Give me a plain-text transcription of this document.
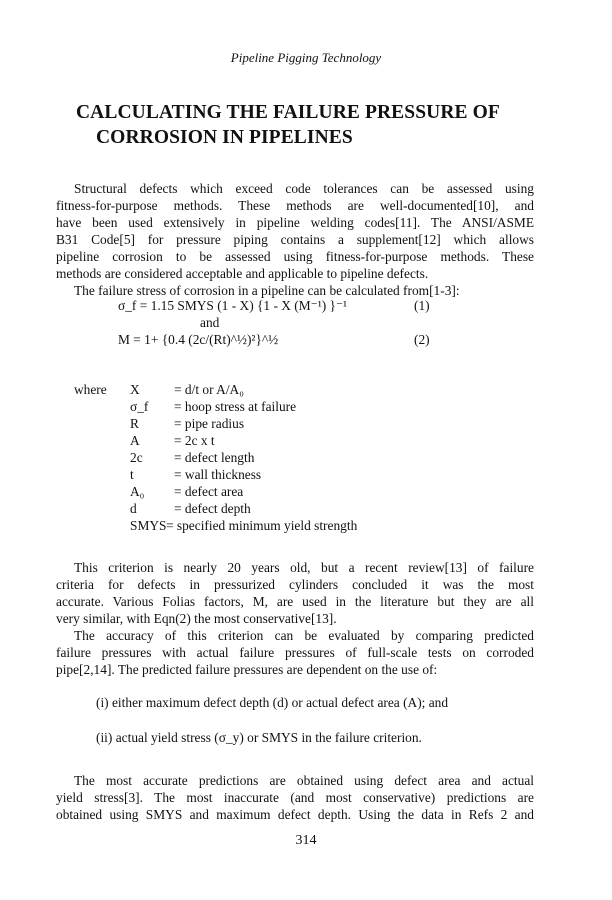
Pipeline Pigging Technology
CALCULATING THE FAILURE PRESSURE OF
CORROSION IN PIPELINES
Structural defects which exceed code tolerances can be assessed using
fitness-for-purpose methods. These methods are well-documented[10], and
have been used extensively in pipeline welding codes[11]. The ANSI/ASME
B31 Code[5] for pressure piping contains a supplement[12] which allows
pipeline corrosion to be assessed using fitness-for-purpose methods. These
methods are considered acceptable and applicable to pipeline defects.
The failure stress of corrosion in a pipeline can be calculated from[1-3]:
σ_f = 1.15 SMYS (1 - X) {1 - X (M⁻¹) }⁻¹	(1)
and
M = 1+ {0.4 (2c/(Rt)^½)²}^½	(2)
where X	= d/t or A/A₀
σ_f = hoop stress at failure
R	= pipe radius
A	= 2c x t
2c = defect length
t	= wall thickness
A₀ = defect area
d	= defect depth
SMYS = specified minimum yield strength
This criterion is nearly 20 years old, but a recent review[13] of failure
criteria for defects in pressurized cylinders concluded it was the most
accurate. Various Folias factors, M, are used in the literature but they are all
very similar, with Eqn(2) the most conservative[13].
The accuracy of this criterion can be evaluated by comparing predicted
failure pressures with actual failure pressures of full-scale tests on corroded
pipe[2,14]. The predicted failure pressures are dependent on the use of:
(i) either maximum defect depth (d) or actual defect area (A); and
(ii) actual yield stress (σ_y) or SMYS in the failure criterion.
The most accurate predictions are obtained using defect area and actual
yield stress[3]. The most inaccurate (and most conservative) predictions are
obtained using SMYS and maximum defect depth. Using the data in Refs 2 and
314
